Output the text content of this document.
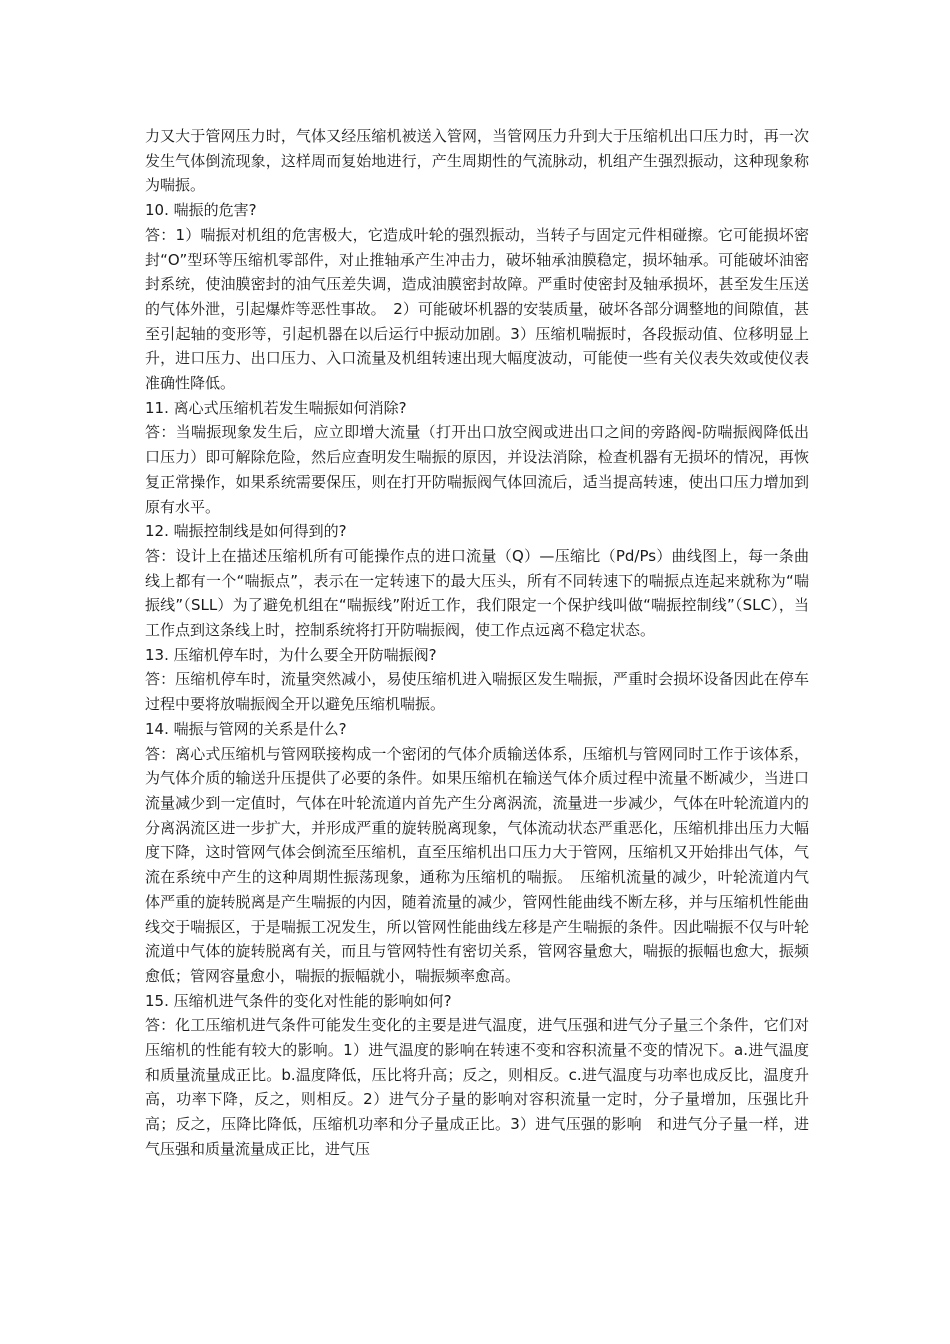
力又大于管网压力时，气体又经压缩机被送入管网，当管网压力升到大于压缩机出口压力时，再一次发生气体倒流现象，这样周而复始地进行，产生周期性的气流脉动，机组产生强烈振动，这种现象称为喘振。

10. 喘振的危害?

答：1）喘振对机组的危害极大，它造成叶轮的强烈振动，当转子与固定元件相碰擦。它可能损坏密封“O”型环等压缩机零部件，对止推轴承产生冲击力，破坏轴承油膜稳定，损坏轴承。可能破坏油密封系统，使油膜密封的油气压差失调，造成油膜密封故障。严重时使密封及轴承损坏，甚至发生压送的气体外泄，引起爆炸等恶性事故。　2）可能破坏机器的安装质量，破坏各部分调整地的间隙值，甚至引起轴的变形等，引起机器在以后运行中振动加剧。3）压缩机喘振时，各段振动值、位移明显上升，进口压力、出口压力、入口流量及机组转速出现大幅度波动，可能使一些有关仪表失效或使仪表准确性降低。

11. 离心式压缩机若发生喘振如何消除?

答：当喘振现象发生后，应立即增大流量（打开出口放空阀或进出口之间的旁路阀-防喘振阀降低出口压力）即可解除危险，然后应查明发生喘振的原因，并设法消除，检查机器有无损坏的情况，再恢复正常操作，如果系统需要保压，则在打开防喘振阀气体回流后，适当提高转速，使出口压力增加到原有水平。

12. 喘振控制线是如何得到的?

答：设计上在描述压缩机所有可能操作点的进口流量（Q）—压缩比（Pd/Ps）曲线图上，每一条曲线上都有一个“喘振点”，表示在一定转速下的最大压头，所有不同转速下的喘振点连起来就称为“喘振线”（SLL）为了避免机组在“喘振线”附近工作，我们限定一个保护线叫做“喘振控制线”（SLC），当工作点到这条线上时，控制系统将打开防喘振阀，使工作点远离不稳定状态。

13. 压缩机停车时，为什么要全开防喘振阀?

答：压缩机停车时，流量突然减小，易使压缩机进入喘振区发生喘振，严重时会损坏设备因此在停车过程中要将放喘振阀全开以避免压缩机喘振。

14. 喘振与管网的关系是什么?

答：离心式压缩机与管网联接构成一个密闭的气体介质输送体系，压缩机与管网同时工作于该体系，为气体介质的输送升压提供了必要的条件。如果压缩机在输送气体介质过程中流量不断减少，当进口流量减少到一定值时，气体在叶轮流道内首先产生分离涡流，流量进一步减少，气体在叶轮流道内的分离涡流区进一步扩大，并形成严重的旋转脱离现象，气体流动状态严重恶化，压缩机排出压力大幅度下降，这时管网气体会倒流至压缩机，直至压缩机出口压力大于管网，压缩机又开始排出气体，气流在系统中产生的这种周期性振荡现象，通称为压缩机的喘振。　压缩机流量的减少，叶轮流道内气体严重的旋转脱离是产生喘振的内因，随着流量的减少，管网性能曲线不断左移，并与压缩机性能曲线交于喘振区，于是喘振工况发生，所以管网性能曲线左移是产生喘振的条件。因此喘振不仅与叶轮流道中气体的旋转脱离有关，而且与管网特性有密切关系，管网容量愈大，喘振的振幅也愈大，振频愈低；管网容量愈小，喘振的振幅就小，喘振频率愈高。

15. 压缩机进气条件的变化对性能的影响如何?

答：化工压缩机进气条件可能发生变化的主要是进气温度，进气压强和进气分子量三个条件，它们对压缩机的性能有较大的影响。1）进气温度的影响在转速不变和容积流量不变的情况下。a.进气温度和质量流量成正比。b.温度降低，压比将升高；反之，则相反。c.进气温度与功率也成反比，温度升高，功率下降，反之，则相反。2）进气分子量的影响对容积流量一定时，分子量增加，压强比升高；反之，压降比降低，压缩机功率和分子量成正比。3）进气压强的影响　和进气分子量一样，进气压强和质量流量成正比，进气压
